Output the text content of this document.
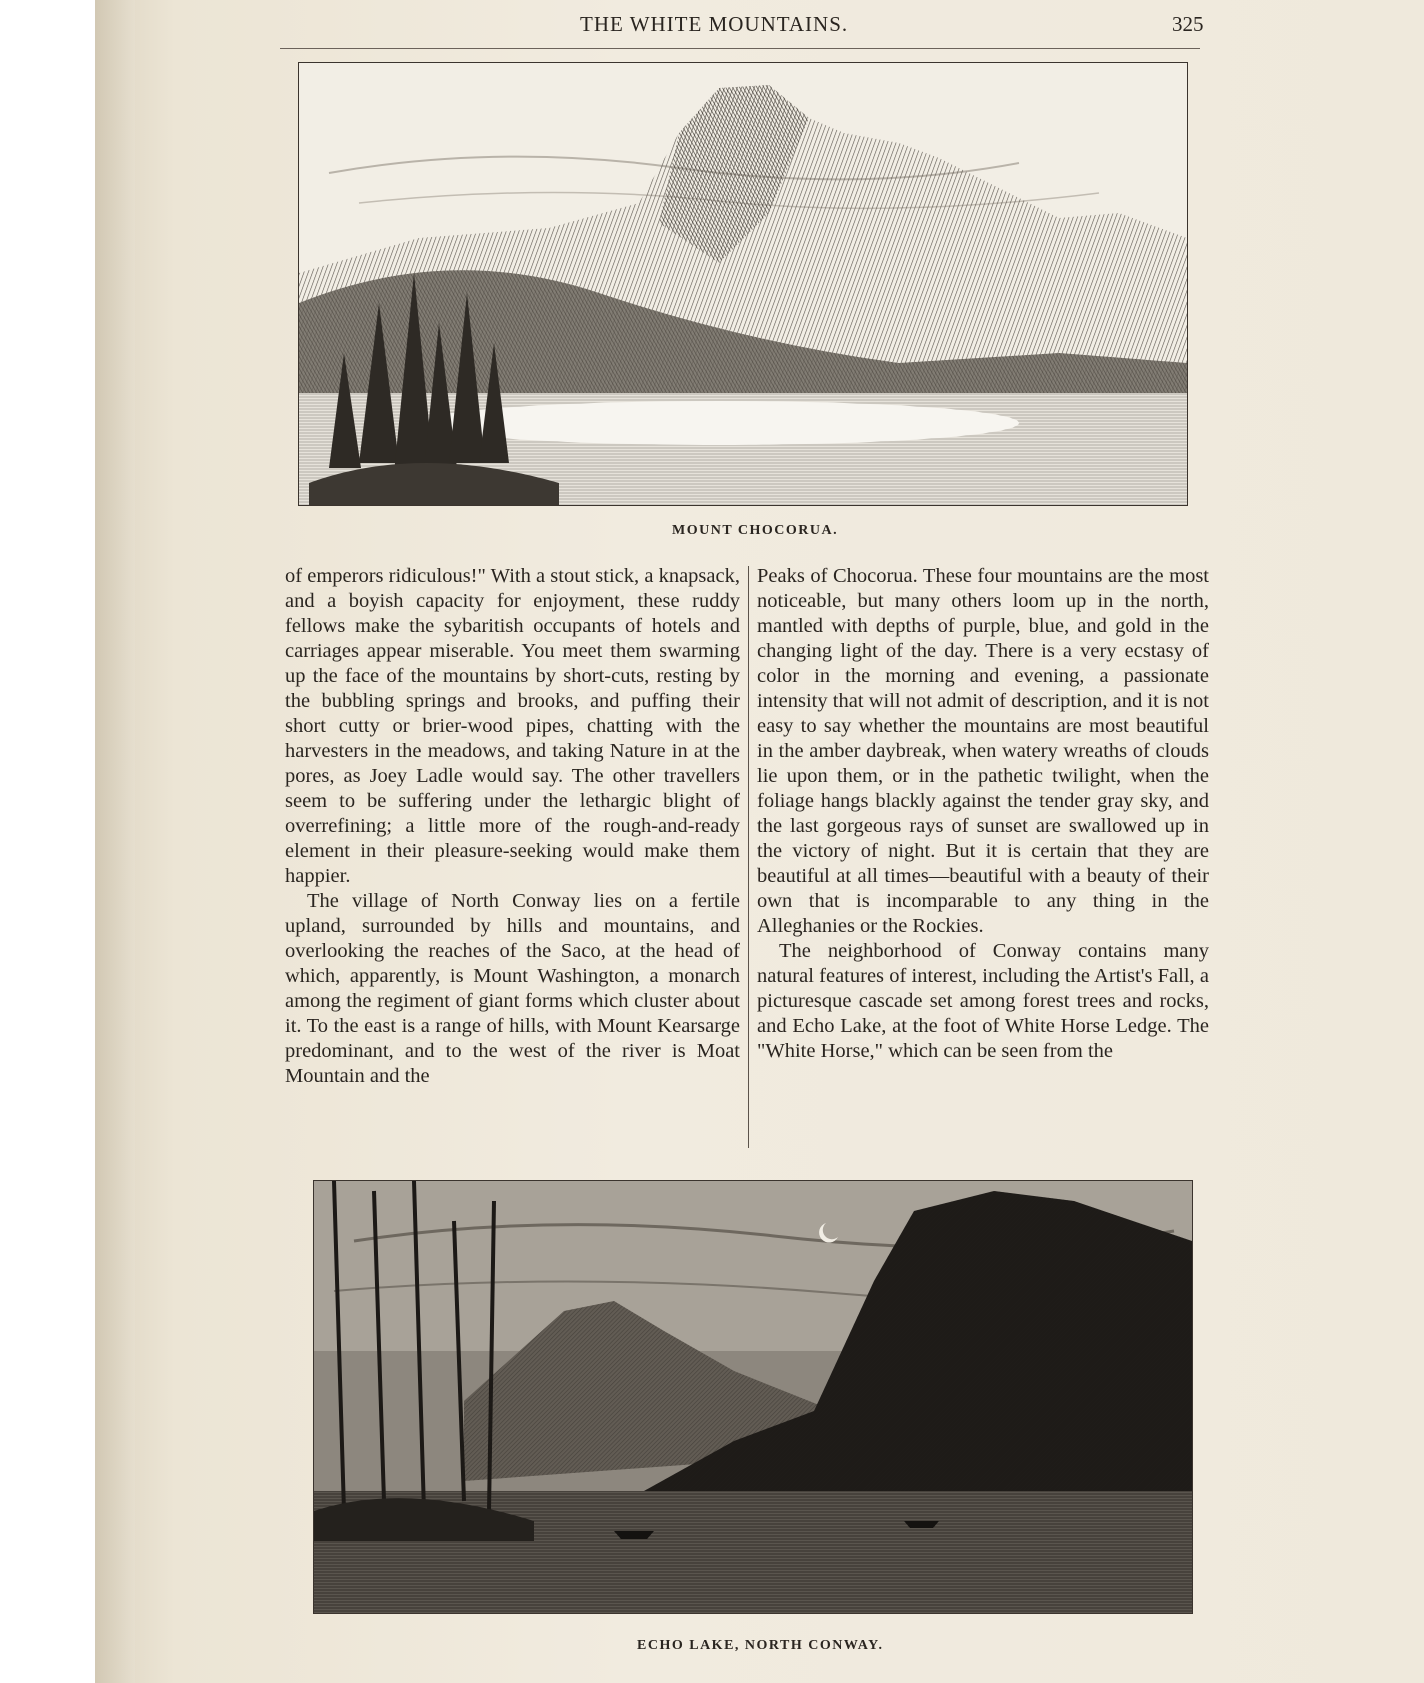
THE WHITE MOUNTAINS.	325
MOUNT CHOCORUA.

of emperors ridiculous!" With a stout stick, a knapsack, and a boyish capacity for enjoyment, these ruddy fellows make the sybaritish occupants of hotels and carriages appear miserable. You meet them swarming up the face of the mountains by short-cuts, resting by the bubbling springs and brooks, and puffing their short cutty or brier-wood pipes, chatting with the harvesters in the meadows, and taking Nature in at the pores, as Joey Ladle would say. The other travellers seem to be suffering under the lethargic blight of overrefining; a little more of the rough-and-ready element in their pleasure-seeking would make them happier.

The village of North Conway lies on a fertile upland, surrounded by hills and mountains, and overlooking the reaches of the Saco, at the head of which, apparently, is Mount Washington, a monarch among the regiment of giant forms which cluster about it. To the east is a range of hills, with Mount Kearsarge predominant, and to the west of the river is Moat Mountain and the

Peaks of Chocorua. These four mountains are the most noticeable, but many others loom up in the north, mantled with depths of purple, blue, and gold in the changing light of the day. There is a very ecstasy of color in the morning and evening, a passionate intensity that will not admit of description, and it is not easy to say whether the mountains are most beautiful in the amber daybreak, when watery wreaths of clouds lie upon them, or in the pathetic twilight, when the foliage hangs blackly against the tender gray sky, and the last gorgeous rays of sunset are swallowed up in the victory of night. But it is certain that they are beautiful at all times—beautiful with a beauty of their own that is incomparable to any thing in the Alleghanies or the Rockies.

The neighborhood of Conway contains many natural features of interest, including the Artist's Fall, a picturesque cascade set among forest trees and rocks, and Echo Lake, at the foot of White Horse Ledge. The "White Horse," which can be seen from the

ECHO LAKE, NORTH CONWAY.
